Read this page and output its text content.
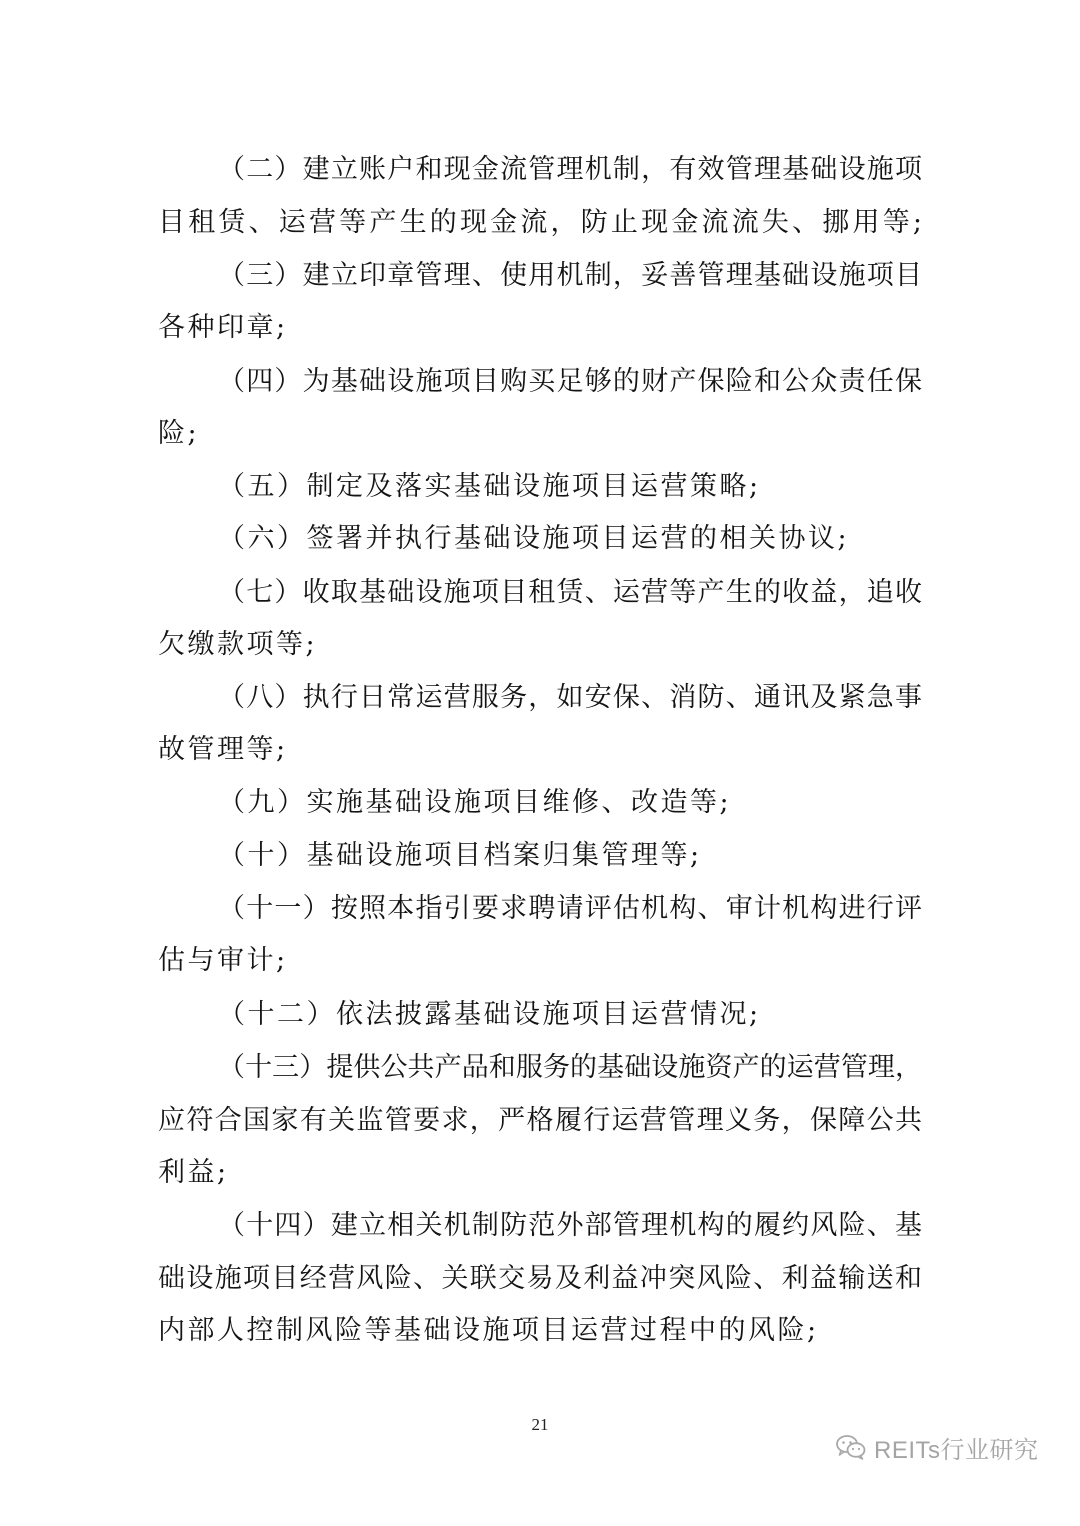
（二）建立账户和现金流管理机制，有效管理基础设施项
目租赁、运营等产生的现金流，防止现金流流失、挪用等;
（三）建立印章管理、使用机制，妥善管理基础设施项目
各种印章;
（四）为基础设施项目购买足够的财产保险和公众责任保
险;
（五）制定及落实基础设施项目运营策略;
（六）签署并执行基础设施项目运营的相关协议;
（七）收取基础设施项目租赁、运营等产生的收益，追收
欠缴款项等;
（八）执行日常运营服务，如安保、消防、通讯及紧急事
故管理等;
（九）实施基础设施项目维修、改造等;
（十）基础设施项目档案归集管理等;
（十一）按照本指引要求聘请评估机构、审计机构进行评
估与审计;
（十二）依法披露基础设施项目运营情况;
（十三）提供公共产品和服务的基础设施资产的运营管理，
应符合国家有关监管要求，严格履行运营管理义务，保障公共
利益;
（十四）建立相关机制防范外部管理机构的履约风险、基
础设施项目经营风险、关联交易及利益冲突风险、利益输送和
内部人控制风险等基础设施项目运营过程中的风险;
21
REITs行业研究
